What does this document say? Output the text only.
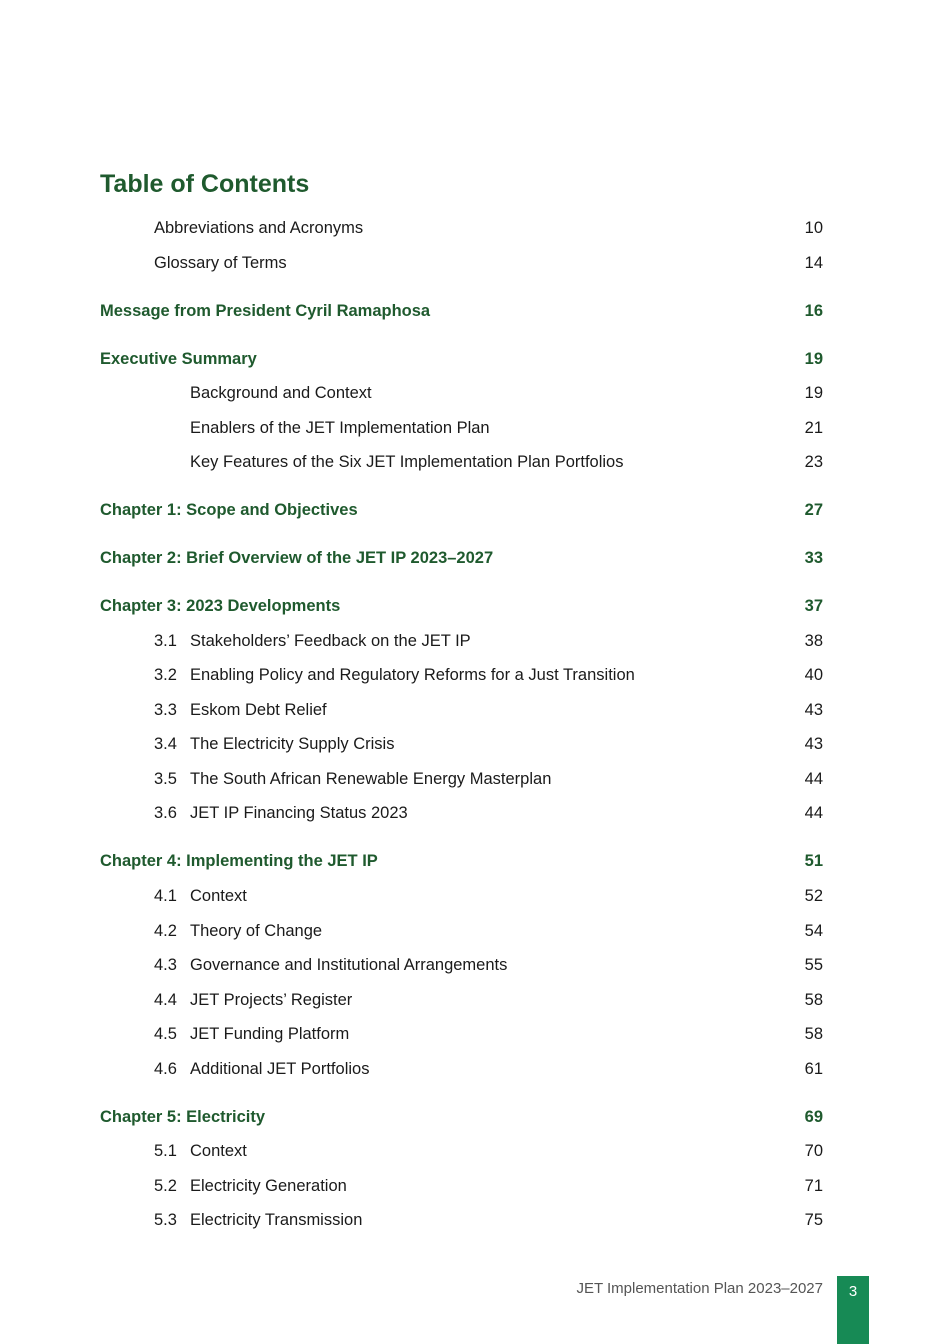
Table of Contents
Abbreviations and Acronyms	10
Glossary of Terms	14
Message from President Cyril Ramaphosa	16
Executive Summary	19
Background and Context	19
Enablers of the JET Implementation Plan	21
Key Features of the Six JET Implementation Plan Portfolios	23
Chapter 1: Scope and Objectives	27
Chapter 2: Brief Overview of the JET IP 2023–2027	33
Chapter 3: 2023 Developments	37
3.1 Stakeholders’ Feedback on the JET IP	38
3.2 Enabling Policy and Regulatory Reforms for a Just Transition	40
3.3 Eskom Debt Relief	43
3.4 The Electricity Supply Crisis	43
3.5 The South African Renewable Energy Masterplan	44
3.6 JET IP Financing Status 2023	44
Chapter 4: Implementing the JET IP	51
4.1 Context	52
4.2 Theory of Change	54
4.3 Governance and Institutional Arrangements	55
4.4 JET Projects’ Register	58
4.5 JET Funding Platform	58
4.6 Additional JET Portfolios	61
Chapter 5: Electricity	69
5.1 Context	70
5.2 Electricity Generation	71
5.3 Electricity Transmission	75
JET Implementation Plan 2023–2027	3
